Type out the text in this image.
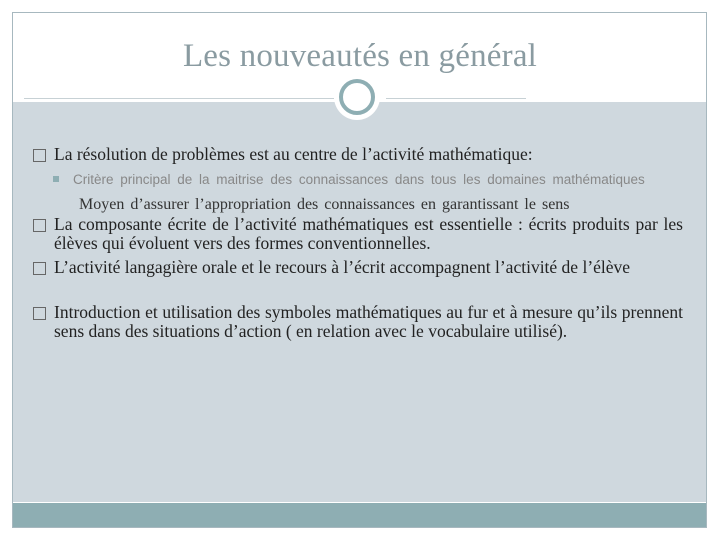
Les nouveautés en général
La résolution de problèmes est au centre de l’activité mathématique:
Critère principal de la maitrise des connaissances dans tous les domaines mathématiques
Moyen d’assurer l’appropriation des connaissances en garantissant le sens
La composante écrite de l’activité mathématiques est essentielle : écrits produits par les élèves qui évoluent vers des formes conventionnelles.
L’activité langagière orale et le recours à l’écrit accompagnent l’activité de l’élève
Introduction et utilisation des symboles mathématiques au fur et à mesure qu’ils prennent sens dans des situations d’action ( en relation avec le vocabulaire utilisé).
